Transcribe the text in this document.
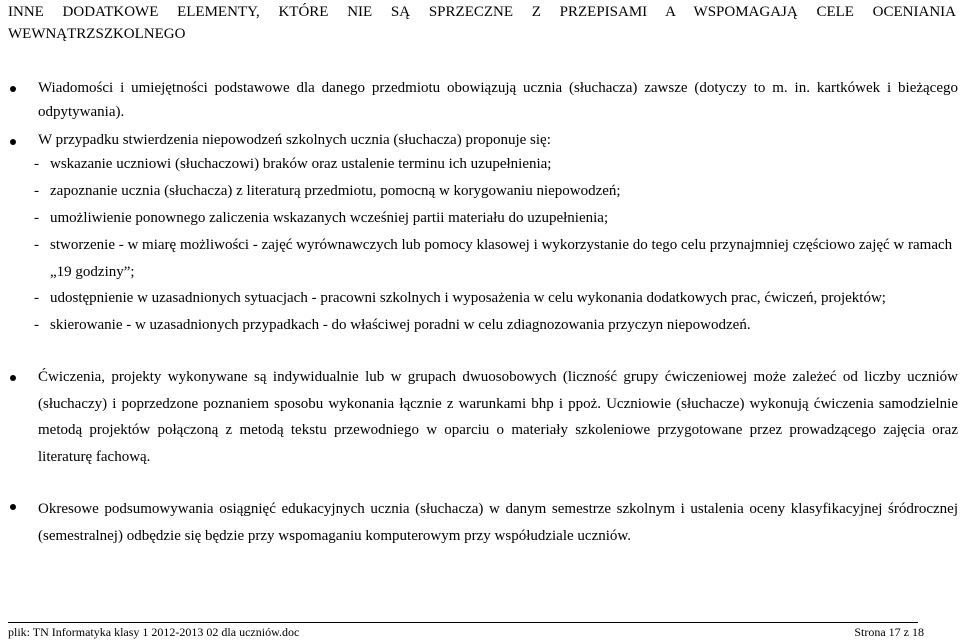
INNE DODATKOWE ELEMENTY, KTÓRE NIE SĄ SPRZECZNE Z PRZEPISAMI A WSPOMAGAJĄ CELE OCENIANIA
WEWNĄTRZSZKOLNEGO
Wiadomości i umiejętności podstawowe dla danego przedmiotu obowiązują ucznia (słuchacza) zawsze (dotyczy to m. in. kartkówek i bieżącego odpytywania).
W przypadku stwierdzenia niepowodzeń szkolnych ucznia (słuchacza) proponuje się:
- wskazanie uczniowi (słuchaczowi) braków oraz ustalenie terminu ich uzupełnienia;
- zapoznanie ucznia (słuchacza) z literaturą przedmiotu, pomocną w korygowaniu niepowodzeń;
- umożliwienie ponownego zaliczenia wskazanych wcześniej partii materiału do uzupełnienia;
- stworzenie - w miarę możliwości - zajęć wyrównawczych lub pomocy klasowej i wykorzystanie do tego celu przynajmniej częściowo zajęć w ramach
„19 godziny”;
- udostępnienie w uzasadnionych sytuacjach - pracowni szkolnych i wyposażenia w celu wykonania dodatkowych prac, ćwiczeń, projektów;
- skierowanie - w uzasadnionych przypadkach - do właściwej poradni w celu zdiagnozowania przyczyn niepowodzeń.
Ćwiczenia, projekty wykonywane są indywidualnie lub w grupach dwuosobowych (liczność grupy ćwiczeniowej może zależeć od liczby uczniów (słuchaczy) i poprzedzone poznaniem sposobu wykonania łącznie z warunkami bhp i ppoż. Uczniowie (słuchacze) wykonują ćwiczenia samodzielnie metodą projektów połączoną z metodą tekstu przewodniego w oparciu o materiały szkoleniowe przygotowane przez prowadzącego zajęcia oraz literaturę fachową.
Okresowe podsumowywania osiągnięć edukacyjnych ucznia (słuchacza) w danym semestrze szkolnym i ustalenia oceny klasyfikacyjnej śródrocznej (semestralnej) odbędzie się będzie przy wspomaganiu komputerowym przy współudziale uczniów.
plik: TN Informatyka klasy 1 2012-2013 02 dla uczniów.doc	Strona 17 z 18
